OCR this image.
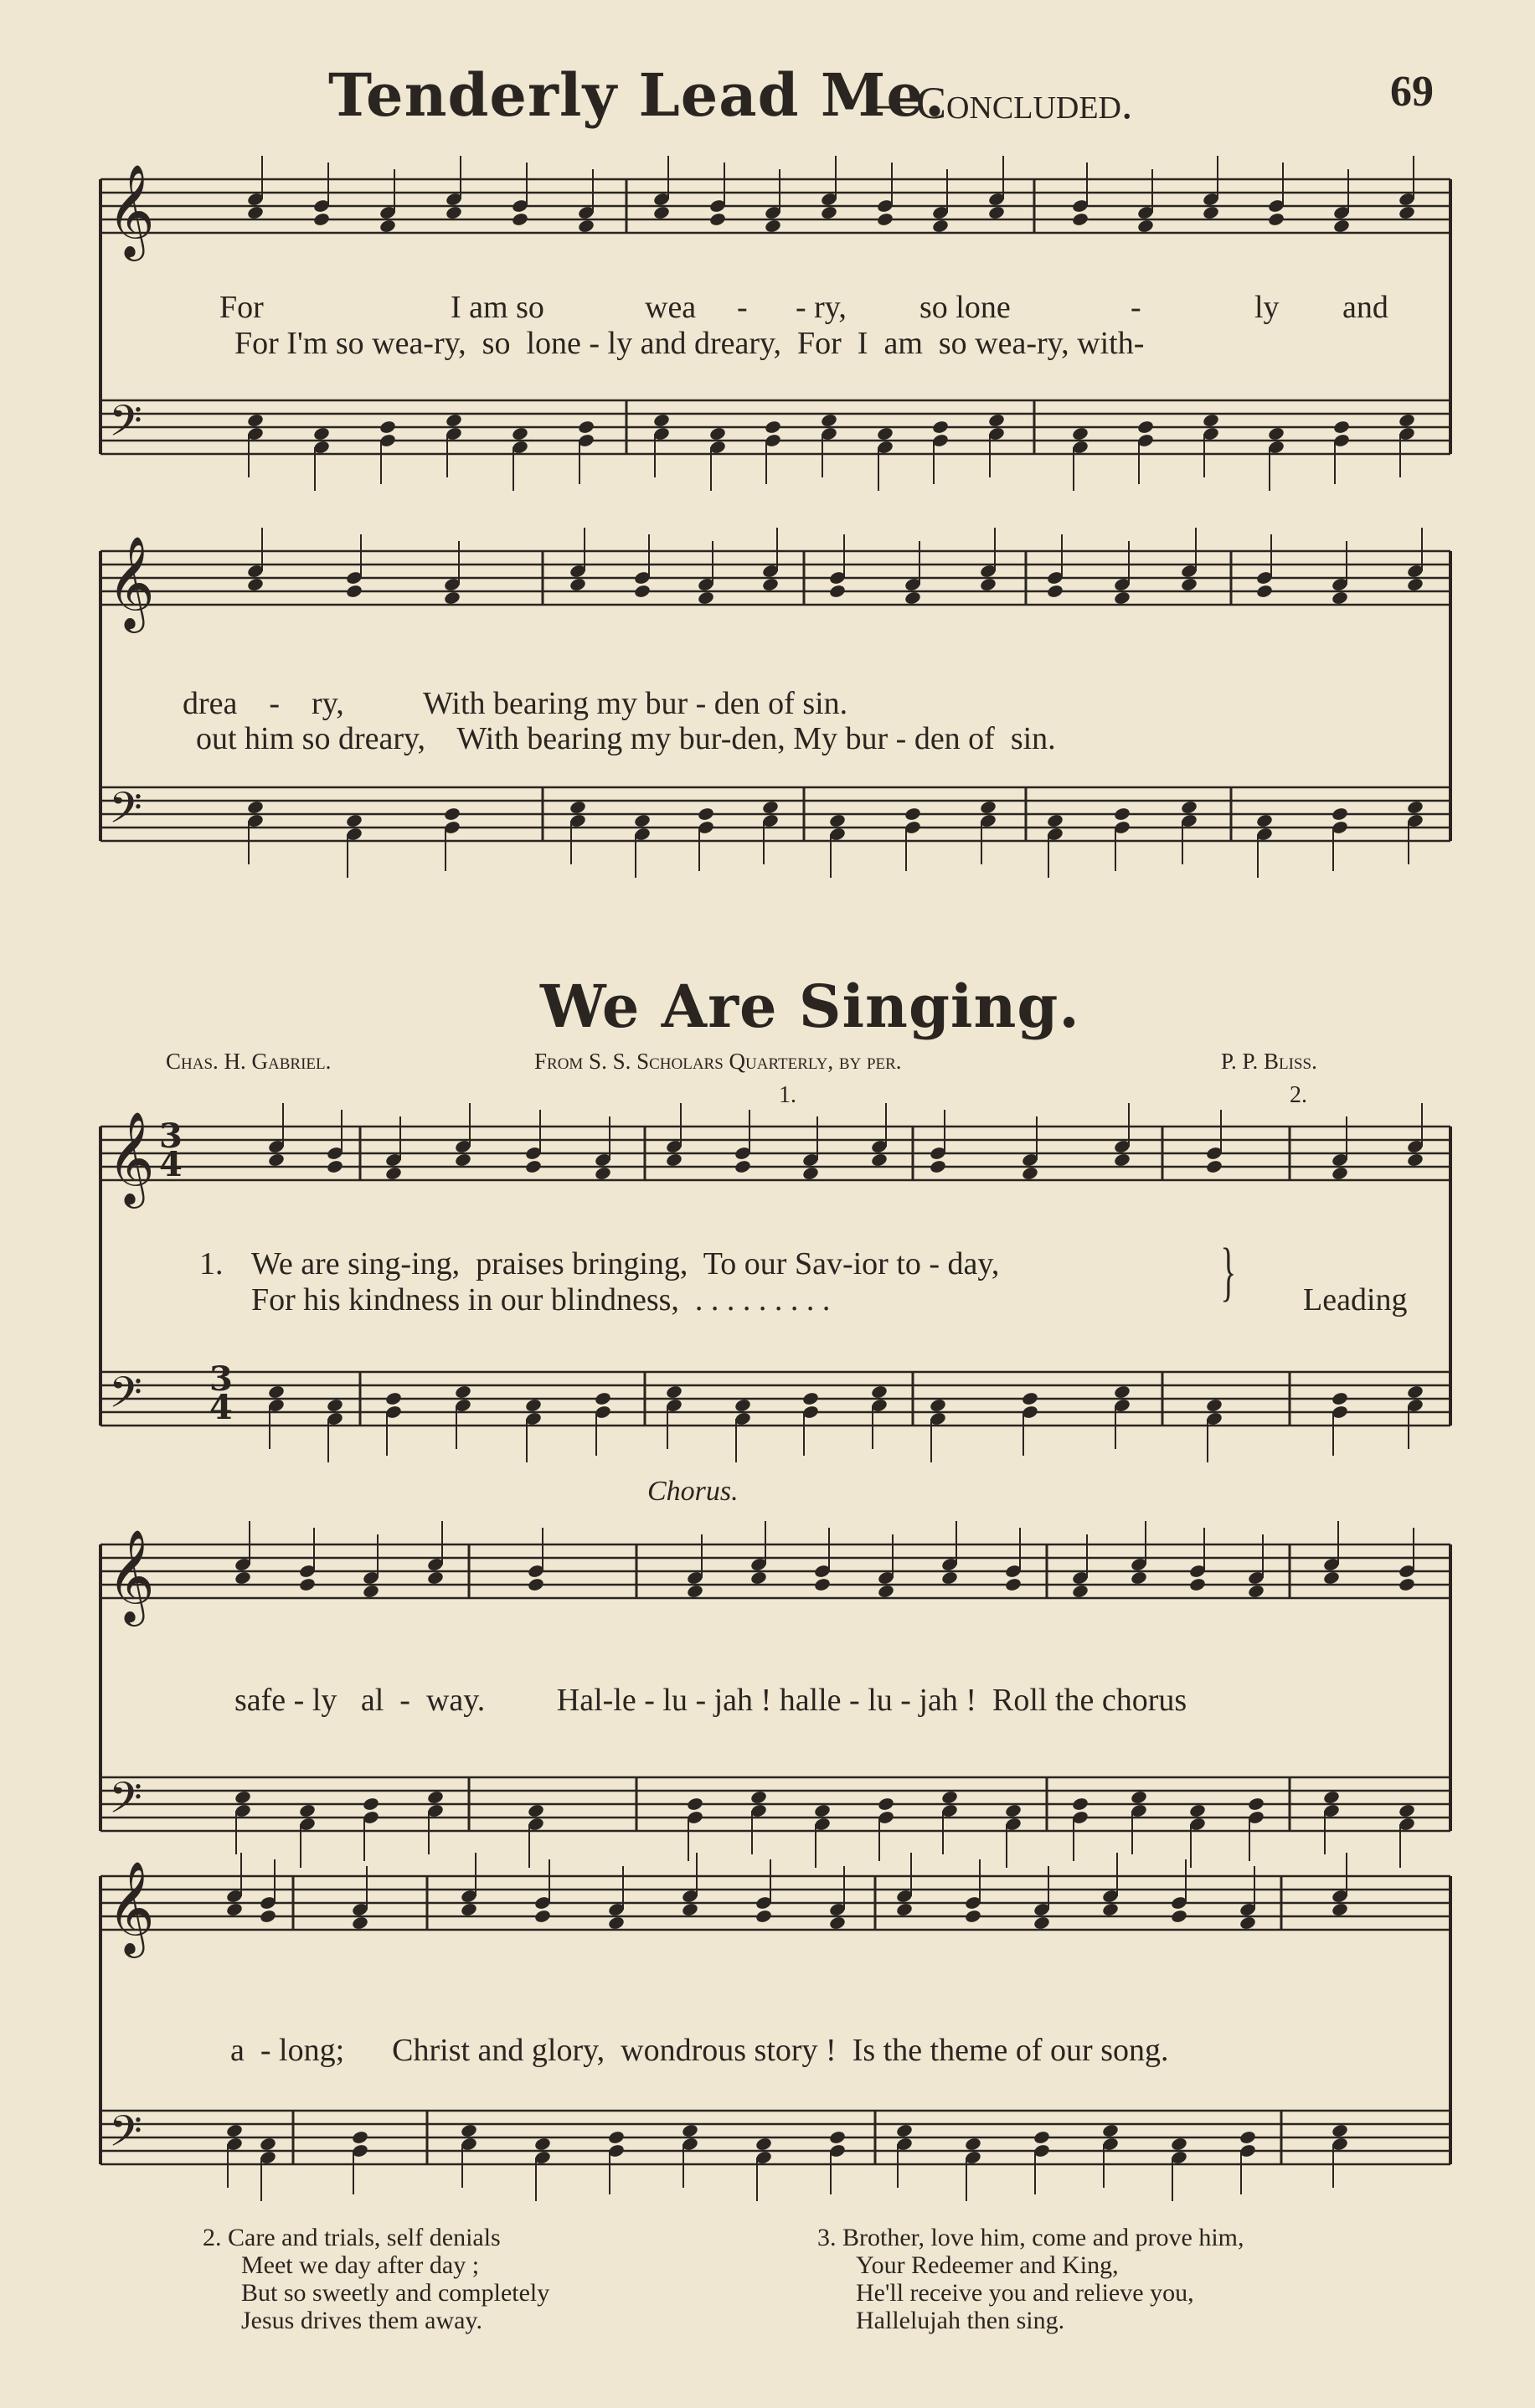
Tenderly Lead Me.
—Concluded.	69
𝄞
𝄢
𝄞
𝄢
𝄞
𝄢
𝄞
𝄢
𝄞
𝄢
For	I am so	wea - - ry, so lone	-	ly and
For I'm so wea-ry,  so  lone - ly and dreary,  For  I  am  so wea-ry, with-
drea    -    ry,          With bearing my bur - den of sin.
out him so dreary,    With bearing my bur-den, My bur - den of  sin.
We Are Singing.
Chas. H. Gabriel.	From S. S. Scholars Quarterly, by per.	P. P. Bliss.
1.	2.
3
4
3
4
1. We are sing-ing,  praises bringing,  To our Sav-ior to - day,
For his kindness in our blindness,  . . . . . . . . .	} Leading
Chorus.
safe - ly   al  -  way.         Hal-le - lu - jah ! halle - lu - jah !  Roll the chorus
a  - long;      Christ and glory,  wondrous story !  Is the theme of our song.
2. Care and trials, self denials
Meet we day after day ;
But so sweetly and completely
Jesus drives them away.
3. Brother, love him, come and prove him,
Your Redeemer and King,
He'll receive you and relieve you,
Hallelujah then sing.
